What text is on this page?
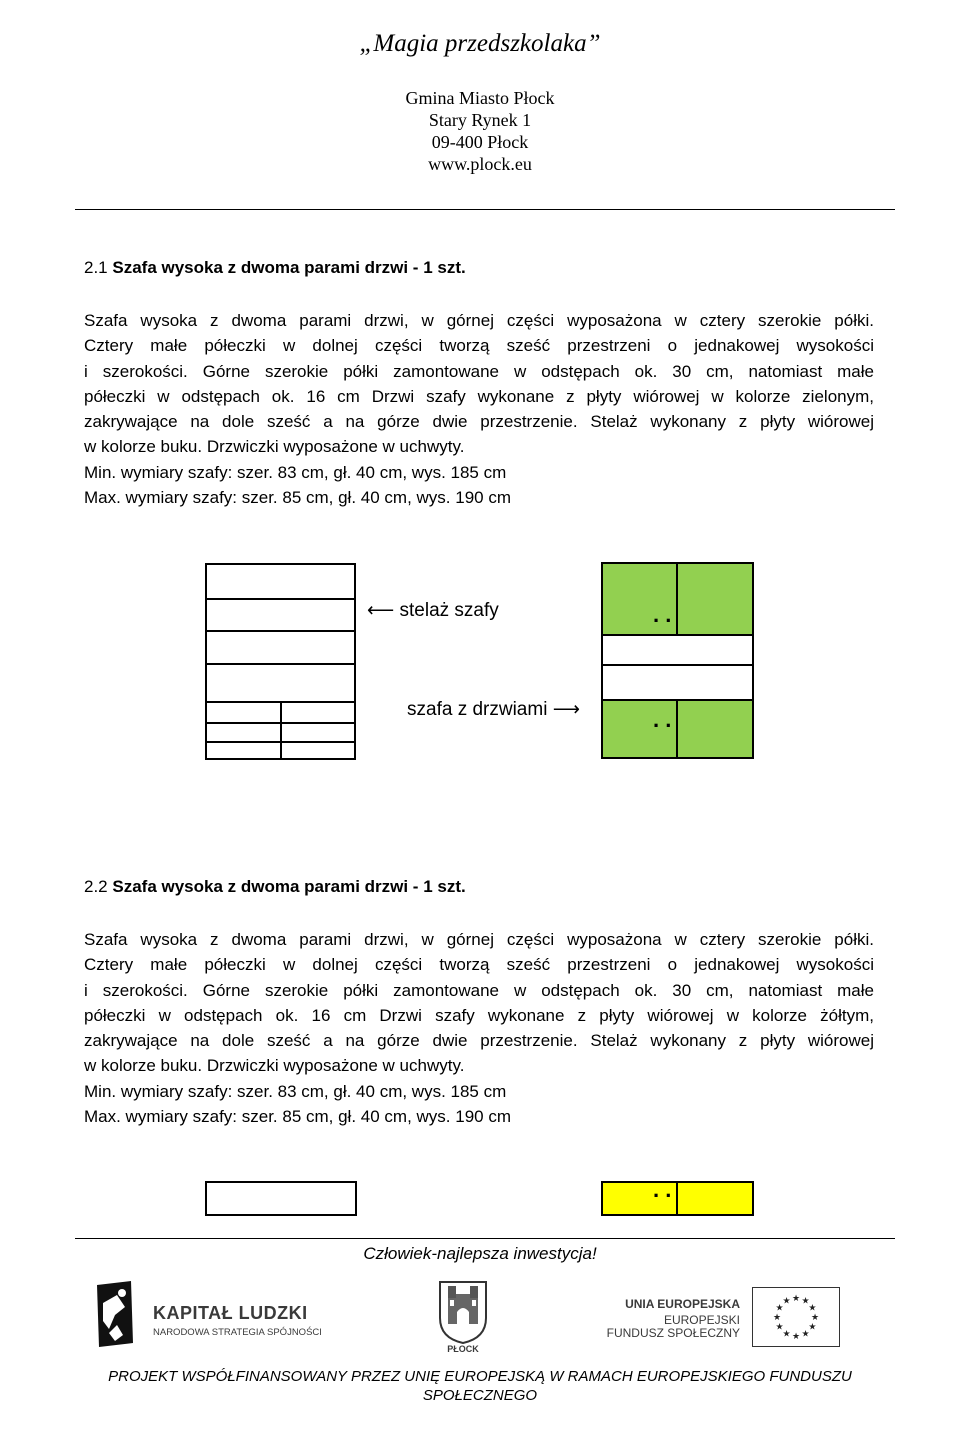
„Magia przedszkolaka”
Gmina Miasto Płock
Stary Rynek 1
09-400 Płock
www.plock.eu
2.1 Szafa wysoka z dwoma parami drzwi - 1 szt.
Szafa wysoka z dwoma parami drzwi, w górnej części wyposażona w cztery szerokie półki.
Cztery małe półeczki w dolnej części tworzą sześć przestrzeni o jednakowej wysokości
i szerokości. Górne szerokie półki zamontowane w odstępach ok. 30 cm, natomiast małe
półeczki w odstępach ok. 16 cm Drzwi szafy wykonane z płyty wiórowej w kolorze zielonym,
zakrywające na dole sześć a na górze dwie przestrzenie. Stelaż wykonany z płyty wiórowej
w kolorze buku. Drzwiczki wyposażone w uchwyty.
Min. wymiary szafy: szer. 83 cm, gł. 40 cm, wys. 185 cm
Max. wymiary szafy: szer. 85 cm, gł. 40 cm, wys. 190 cm
⟵ stelaż szafy
szafa z drzwiami ⟶
. .
. .
2.2 Szafa wysoka z dwoma parami drzwi - 1 szt.
Szafa wysoka z dwoma parami drzwi, w górnej części wyposażona w cztery szerokie półki.
Cztery małe półeczki w dolnej części tworzą sześć przestrzeni o jednakowej wysokości
i szerokości. Górne szerokie półki zamontowane w odstępach ok. 30 cm, natomiast małe
półeczki w odstępach ok. 16 cm Drzwi szafy wykonane z płyty wiórowej w kolorze żółtym,
zakrywające na dole sześć a na górze dwie przestrzenie. Stelaż wykonany z płyty wiórowej
w kolorze buku. Drzwiczki wyposażone w uchwyty.
Min. wymiary szafy: szer. 83 cm, gł. 40 cm, wys. 185 cm
Max. wymiary szafy: szer. 85 cm, gł. 40 cm, wys. 190 cm
. .
Człowiek-najlepsza inwestycja!
KAPITAŁ LUDZKI
NARODOWA STRATEGIA SPÓJNOŚCI
PŁOCK
UNIA EUROPEJSKA
EUROPEJSKI
FUNDUSZ SPOŁECZNY
★
★
★
★
★
★
★
★
★ ★ ★
★
PROJEKT WSPÓŁFINANSOWANY PRZEZ UNIĘ EUROPEJSKĄ W RAMACH EUROPEJSKIEGO FUNDUSZU
SPOŁECZNEGO
